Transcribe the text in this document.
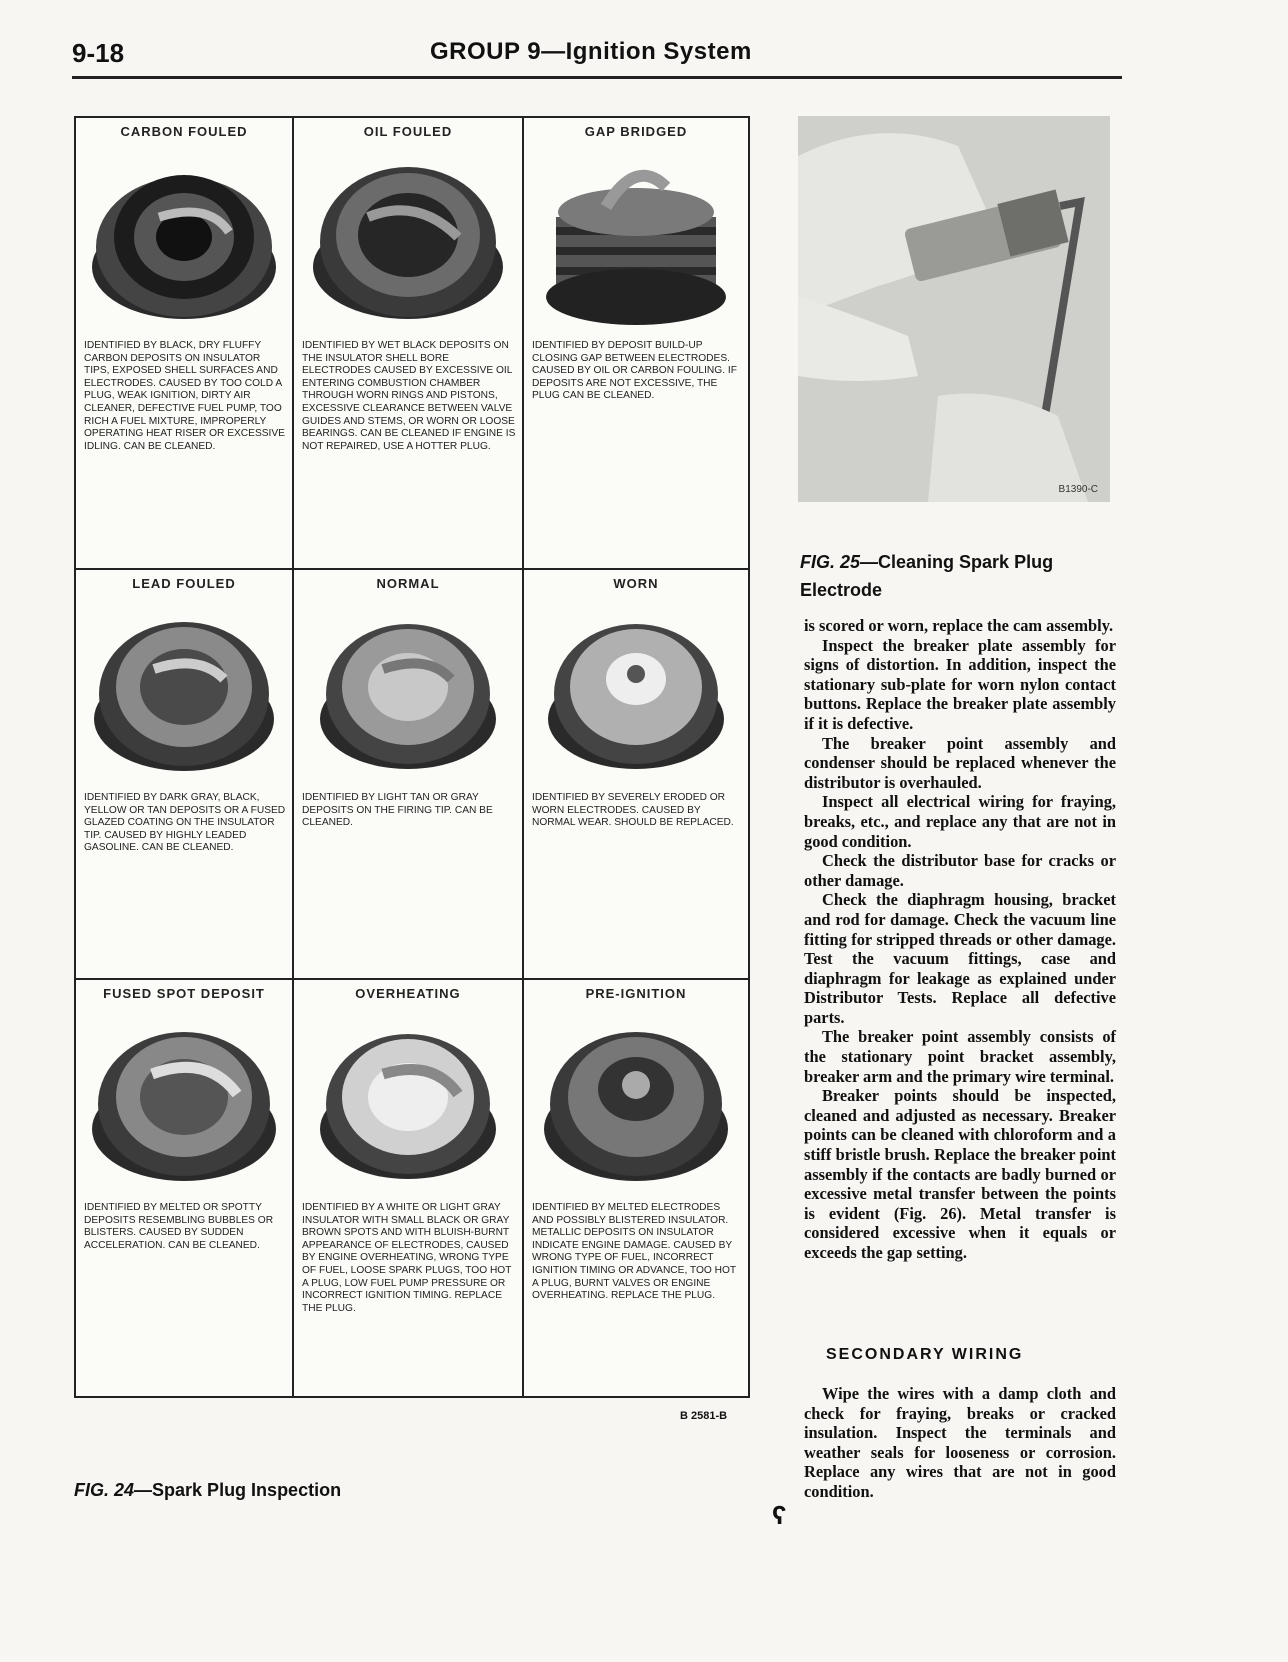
9-18	GROUP 9—Ignition System
CARBON FOULED
IDENTIFIED BY BLACK, DRY FLUFFY CARBON DEPOSITS ON INSULATOR TIPS, EXPOSED SHELL SURFACES AND ELECTRODES. CAUSED BY TOO COLD A PLUG, WEAK IGNITION, DIRTY AIR CLEANER, DEFECTIVE FUEL PUMP, TOO RICH A FUEL MIXTURE, IMPROPERLY OPERATING HEAT RISER OR EXCESSIVE IDLING. CAN BE CLEANED.
OIL FOULED
IDENTIFIED BY WET BLACK DEPOSITS ON THE INSULATOR SHELL BORE ELECTRODES CAUSED BY EXCESSIVE OIL ENTERING COMBUSTION CHAMBER THROUGH WORN RINGS AND PISTONS, EXCESSIVE CLEARANCE BETWEEN VALVE GUIDES AND STEMS, OR WORN OR LOOSE BEARINGS. CAN BE CLEANED IF ENGINE IS NOT REPAIRED, USE A HOTTER PLUG.
GAP BRIDGED
IDENTIFIED BY DEPOSIT BUILD-UP CLOSING GAP BETWEEN ELECTRODES. CAUSED BY OIL OR CARBON FOULING. IF DEPOSITS ARE NOT EXCESSIVE, THE PLUG CAN BE CLEANED.
LEAD FOULED
IDENTIFIED BY DARK GRAY, BLACK, YELLOW OR TAN DEPOSITS OR A FUSED GLAZED COATING ON THE INSULATOR TIP. CAUSED BY HIGHLY LEADED GASOLINE. CAN BE CLEANED.
NORMAL
IDENTIFIED BY LIGHT TAN OR GRAY DEPOSITS ON THE FIRING TIP. CAN BE CLEANED.
WORN
IDENTIFIED BY SEVERELY ERODED OR WORN ELECTRODES. CAUSED BY NORMAL WEAR. SHOULD BE REPLACED.
FUSED SPOT DEPOSIT
IDENTIFIED BY MELTED OR SPOTTY DEPOSITS RESEMBLING BUBBLES OR BLISTERS. CAUSED BY SUDDEN ACCELERATION. CAN BE CLEANED.
OVERHEATING
IDENTIFIED BY A WHITE OR LIGHT GRAY INSULATOR WITH SMALL BLACK OR GRAY BROWN SPOTS AND WITH BLUISH-BURNT APPEARANCE OF ELECTRODES, CAUSED BY ENGINE OVERHEATING, WRONG TYPE OF FUEL, LOOSE SPARK PLUGS, TOO HOT A PLUG, LOW FUEL PUMP PRESSURE OR INCORRECT IGNITION TIMING. REPLACE THE PLUG.
PRE-IGNITION
IDENTIFIED BY MELTED ELECTRODES AND POSSIBLY BLISTERED INSULATOR. METALLIC DEPOSITS ON INSULATOR INDICATE ENGINE DAMAGE. CAUSED BY WRONG TYPE OF FUEL, INCORRECT IGNITION TIMING OR ADVANCE, TOO HOT A PLUG, BURNT VALVES OR ENGINE OVERHEATING. REPLACE THE PLUG.
B 2581-B
FIG. 24—Spark Plug Inspection
B1390-C
FIG. 25—Cleaning Spark Plug Electrode

is scored or worn, replace the cam assembly.

Inspect the breaker plate assembly for signs of distortion. In addition, inspect the stationary sub-plate for worn nylon contact buttons. Replace the breaker plate assembly if it is defective.

The breaker point assembly and condenser should be replaced whenever the distributor is overhauled.

Inspect all electrical wiring for fraying, breaks, etc., and replace any that are not in good condition.

Check the distributor base for cracks or other damage.

Check the diaphragm housing, bracket and rod for damage. Check the vacuum line fitting for stripped threads or other damage. Test the vacuum fittings, case and diaphragm for leakage as explained under Distributor Tests. Replace all defective parts.

The breaker point assembly consists of the stationary point bracket assembly, breaker arm and the primary wire terminal.

Breaker points should be inspected, cleaned and adjusted as necessary. Breaker points can be cleaned with chloroform and a stiff bristle brush. Replace the breaker point assembly if the contacts are badly burned or excessive metal transfer between the points is evident (Fig. 26). Metal transfer is considered excessive when it equals or exceeds the gap setting.

SECONDARY WIRING

Wipe the wires with a damp cloth and check for fraying, breaks or cracked insulation. Inspect the terminals and weather seals for looseness or corrosion. Replace any wires that are not in good condition.

ʕ
